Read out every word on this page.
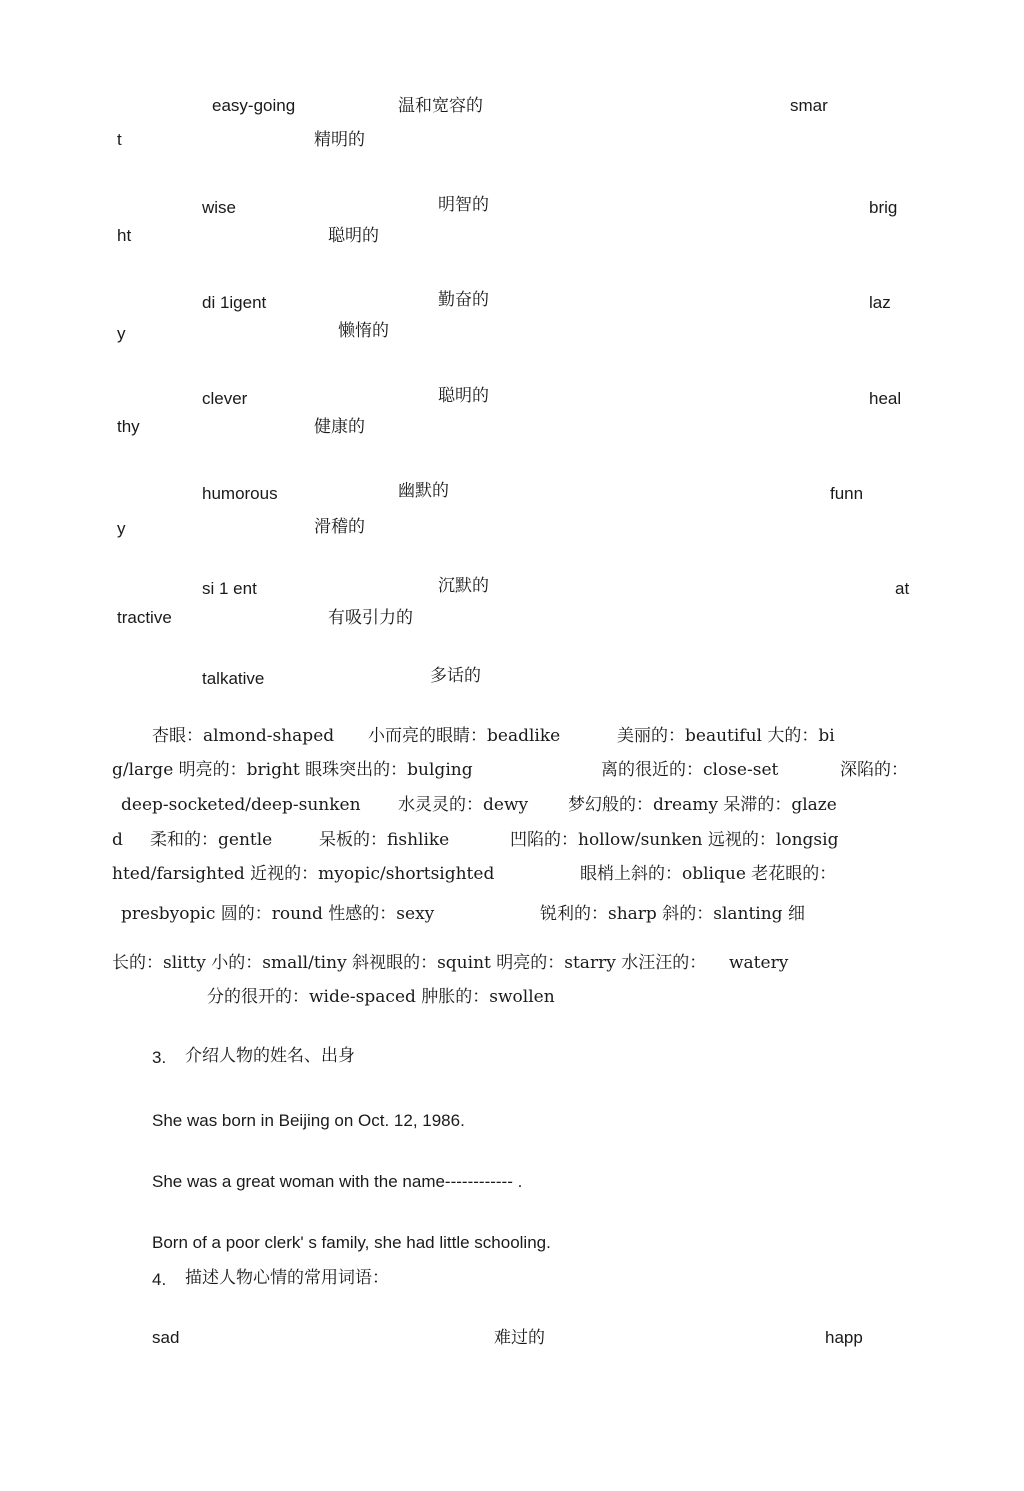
easy-going	温和宽容的	smar
t	精明的
wise	明智的	brig
ht	聪明的
di 1igent	勤奋的	laz
y	懒惰的
clever	聪明的	heal
thy	健康的
humorous	幽默的	funn
y	滑稽的
si 1 ent	沉默的	at
tractive	有吸引力的
talkative	多话的
杏眼：almond-shaped 小而亮的眼睛：beadlike	美丽的：beautiful 大的：bi
g/large 明亮的：bright 眼珠突出的：bulging	离的很近的：close-set	深陷的：
deep-socketed/deep-sunken 水灵灵的：dewy 梦幻般的：dreamy 呆滞的：glaze
d 柔和的：gentle	呆板的：fishlike	凹陷的：hollow/sunken 远视的：longsig
hted/farsighted 近视的：myopic/shortsighted	眼梢上斜的：oblique 老花眼的：
presbyopic 圆的：round 性感的：sexy	锐利的：sharp 斜的：slanting 细
长的：slitty 小的：small/tiny 斜视眼的：squint 明亮的：starry 水汪汪的： watery
分的很开的：wide-spaced 肿胀的：swollen
3. 介绍人物的姓名、出身
She was born in Beijing on Oct. 12, 1986.
She was a great woman with the name------------ .
Born of a poor clerk' s family, she had little schooling.
4. 描述人物心情的常用词语：
sad	难过的	happ
